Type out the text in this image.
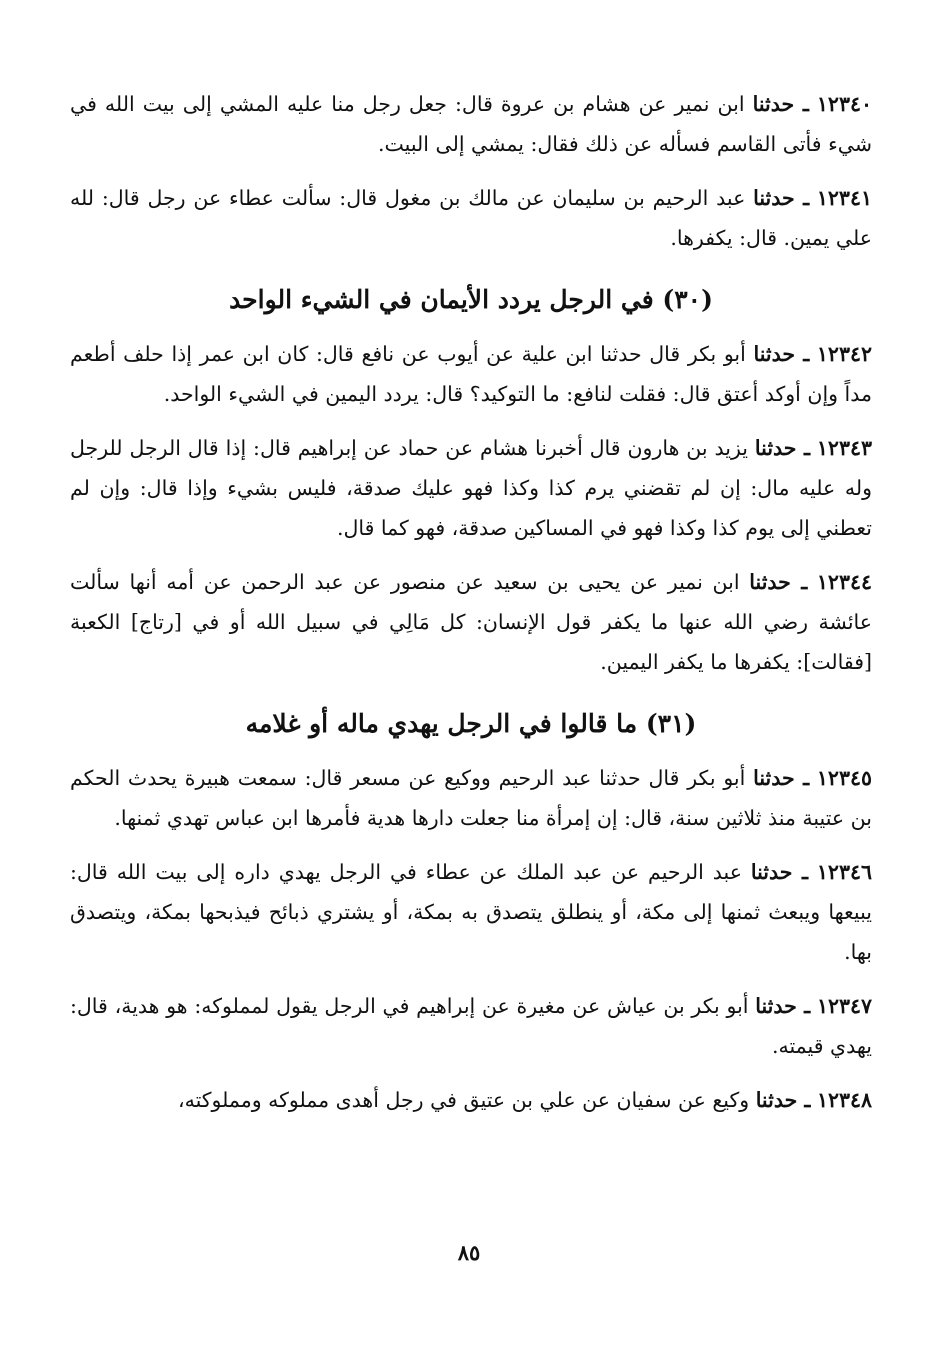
١٢٣٤٠ ـ حدثنا ابن نمير عن هشام بن عروة قال: جعل رجل منا عليه المشي إلى بيت الله في شيء فأتى القاسم فسأله عن ذلك فقال: يمشي إلى البيت.

١٢٣٤١ ـ حدثنا عبد الرحيم بن سليمان عن مالك بن مغول قال: سألت عطاء عن رجل قال: لله علي يمين. قال: يكفرها.

(٣٠) في الرجل يردد الأيمان في الشيء الواحد

١٢٣٤٢ ـ حدثنا أبو بكر قال حدثنا ابن علية عن أيوب عن نافع قال: كان ابن عمر إذا حلف أطعم مداً وإن أوكد أعتق قال: فقلت لنافع: ما التوكيد؟ قال: يردد اليمين في الشيء الواحد.

١٢٣٤٣ ـ حدثنا يزيد بن هارون قال أخبرنا هشام عن حماد عن إبراهيم قال: إذا قال الرجل للرجل وله عليه مال: إن لم تقضني يرم كذا وكذا فهو عليك صدقة، فليس بشيء وإذا قال: وإن لم تعطني إلى يوم كذا وكذا فهو في المساكين صدقة، فهو كما قال.

١٢٣٤٤ ـ حدثنا ابن نمير عن يحيى بن سعيد عن منصور عن عبد الرحمن عن أمه أنها سألت عائشة رضي الله عنها ما يكفر قول الإنسان: كل مَالِي في سبيل الله أو في [رتاج] الكعبة [فقالت]: يكفرها ما يكفر اليمين.

(٣١) ما قالوا في الرجل يهدي ماله أو غلامه

١٢٣٤٥ ـ حدثنا أبو بكر قال حدثنا عبد الرحيم ووكيع عن مسعر قال: سمعت هبيرة يحدث الحكم بن عتيبة منذ ثلاثين سنة، قال: إن إمرأة منا جعلت دارها هدية فأمرها ابن عباس تهدي ثمنها.

١٢٣٤٦ ـ حدثنا عبد الرحيم عن عبد الملك عن عطاء في الرجل يهدي داره إلى بيت الله قال: يبيعها ويبعث ثمنها إلى مكة، أو ينطلق يتصدق به بمكة، أو يشتري ذبائح فيذبحها بمكة، ويتصدق بها.

١٢٣٤٧ ـ حدثنا أبو بكر بن عياش عن مغيرة عن إبراهيم في الرجل يقول لمملوكه: هو هدية، قال: يهدي قيمته.

١٢٣٤٨ ـ حدثنا وكيع عن سفيان عن علي بن عتيق في رجل أهدى مملوكه ومملوكته،

٨٥
